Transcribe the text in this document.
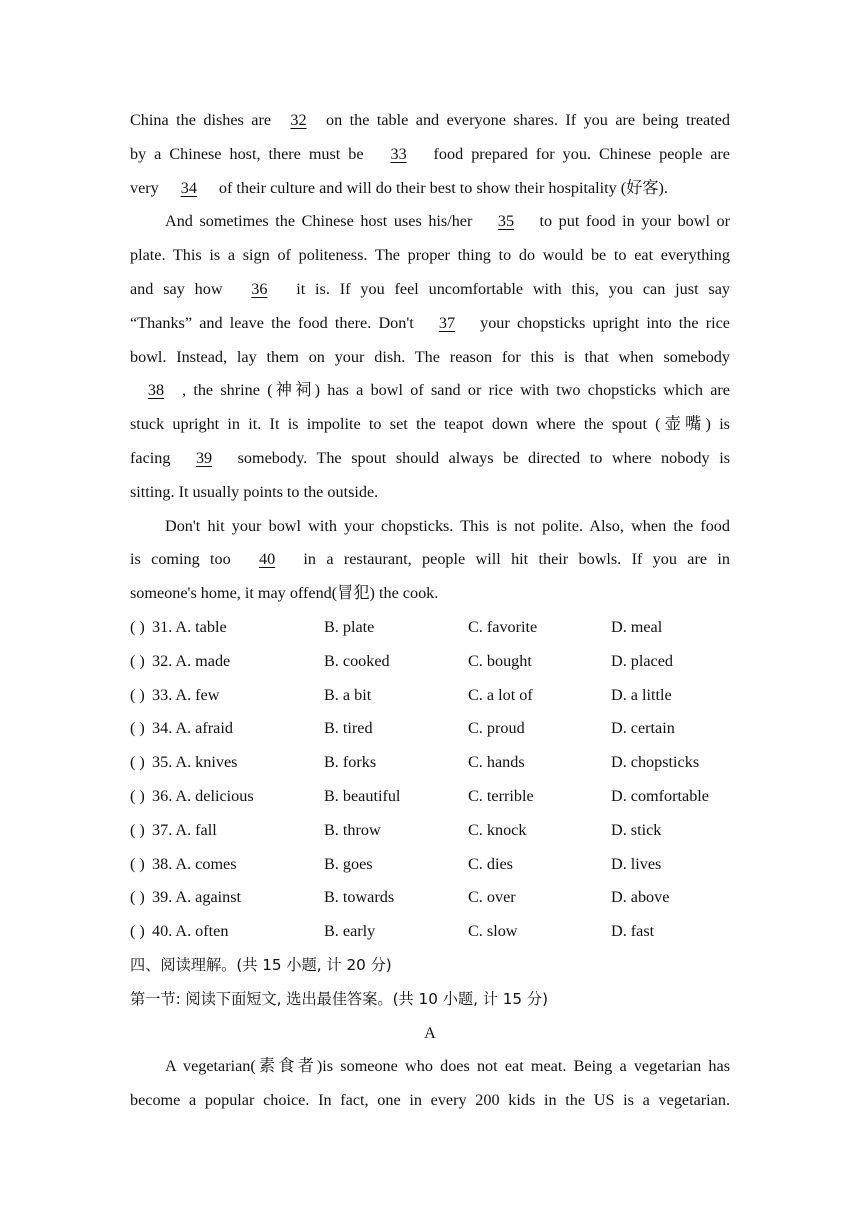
China the dishes are 32 on the table and everyone shares. If you are being treated
by a Chinese host, there must be 33 food prepared for you. Chinese people are
very 34 of their culture and will do their best to show their hospitality (好客).
And sometimes the Chinese host uses his/her 35 to put food in your bowl or
plate. This is a sign of politeness. The proper thing to do would be to eat everything
and say how 36 it is. If you feel uncomfortable with this, you can just say
“Thanks” and leave the food there. Don't 37 your chopsticks upright into the rice
bowl. Instead, lay them on your dish. The reason for this is that when somebody
38 , the shrine (神祠) has a bowl of sand or rice with two chopsticks which are
stuck upright in it. It is impolite to set the teapot down where the spout (壶嘴) is
facing 39 somebody. The spout should always be directed to where nobody is
sitting. It usually points to the outside.
Don't hit your bowl with your chopsticks. This is not polite. Also, when the food
is coming too 40 in a restaurant, people will hit their bowls. If you are in
someone's home, it may offend(冒犯) the cook.
( ) 31. A. table	B. plate	C. favorite	D. meal
( ) 32. A. made	B. cooked	C. bought	D. placed
( ) 33. A. few	B. a bit	C. a lot of	D. a little
( ) 34. A. afraid	B. tired	C. proud	D. certain
( ) 35. A. knives	B. forks	C. hands	D. chopsticks
( ) 36. A. delicious	B. beautiful	C. terrible	D. comfortable
( ) 37. A. fall	B. throw	C. knock	D. stick
( ) 38. A. comes	B. goes	C. dies	D. lives
( ) 39. A. against	B. towards	C. over	D. above
( ) 40. A. often	B. early	C. slow	D. fast
四、阅读理解。(共 15 小题, 计 20 分)
第一节: 阅读下面短文, 选出最佳答案。(共 10 小题, 计 15 分)
A
A vegetarian(素食者)is someone who does not eat meat. Being a vegetarian has
become a popular choice. In fact, one in every 200 kids in the US is a vegetarian.
